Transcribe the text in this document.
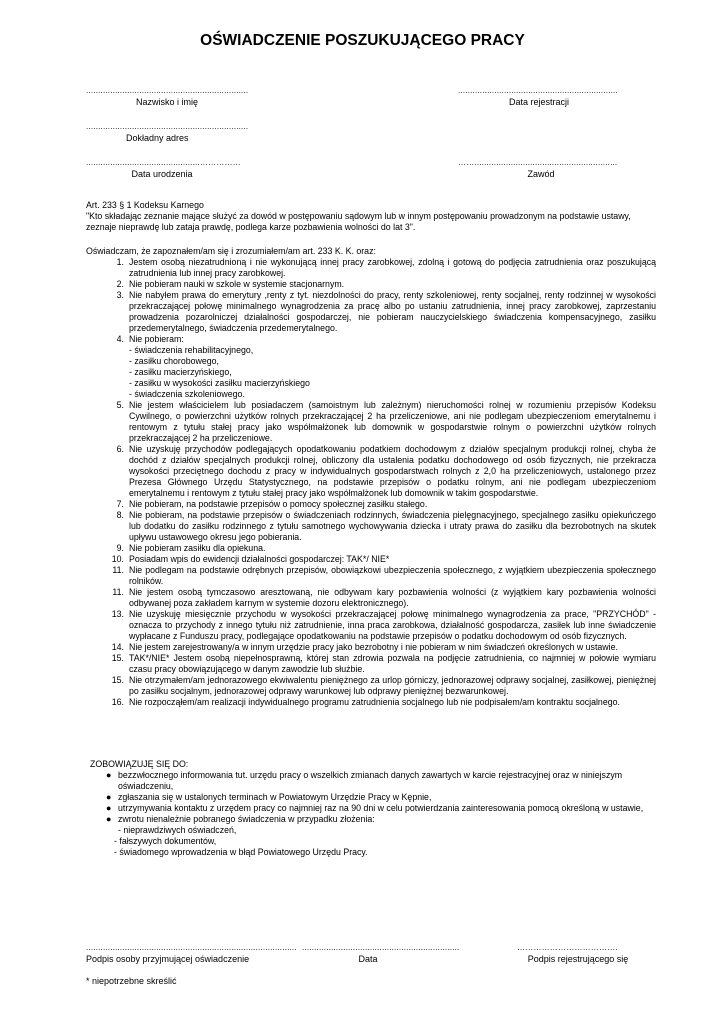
OŚWIADCZENIE POSZUKUJĄCEGO PRACY
...................................................................
Nazwisko i imię
..................................................................
Data rejestracji
...................................................................
Dokładny adres
...............................................……………
Data urodzenia
……...........................................................
Zawód

Art. 233 § 1 Kodeksu Karnego

"Kto składając zeznanie mające służyć za dowód w postępowaniu sądowym lub w innym postępowaniu prowadzonym na podstawie ustawy, zeznaje nieprawdę lub zataja prawdę, podlega karze pozbawienia wolności do lat 3".

Oświadczam, że zapoznałem/am się i zrozumiałem/am art. 233 K. K. oraz:

1. Jestem osobą niezatrudnioną i nie wykonującą innej pracy zarobkowej, zdolną i gotową do podjęcia zatrudnienia oraz poszukującą zatrudnienia lub innej pracy zarobkowej.
2. Nie pobieram nauki w szkole w systemie stacjonarnym.
3. Nie nabyłem prawa do emerytury ,renty z tyt. niezdolności do pracy, renty szkoleniowej, renty socjalnej, renty rodzinnej w wysokości przekraczającej połowę minimalnego wynagrodzenia za pracę albo po ustaniu zatrudnienia, innej pracy zarobkowej, zaprzestaniu prowadzenia pozarolniczej działalności gospodarczej, nie pobieram nauczycielskiego świadczenia kompensacyjnego, zasiłku przedemerytalnego, świadczenia przedemerytalnego.
4. Nie pobieram:
- świadczenia rehabilitacyjnego,
- zasiłku chorobowego,
- zasiłku macierzyńskiego,
- zasiłku w wysokości zasiłku macierzyńskiego
- świadczenia szkoleniowego.
5. Nie jestem właścicielem lub posiadaczem (samoistnym lub zależnym) nieruchomości rolnej w rozumieniu przepisów Kodeksu Cywilnego, o powierzchni użytków rolnych przekraczającej 2 ha przeliczeniowe, ani nie podlegam ubezpieczeniom emerytalnemu i rentowym z tytułu stałej pracy jako współmałżonek lub domownik w gospodarstwie rolnym o powierzchni użytków rolnych przekraczającej 2 ha przeliczeniowe.
6. Nie uzyskuję przychodów podlegających opodatkowaniu podatkiem dochodowym z działów specjalnym produkcji rolnej, chyba że dochód z działów specjalnych produkcji rolnej, obliczony dla ustalenia podatku dochodowego od osób fizycznych, nie przekracza wysokości przeciętnego dochodu z pracy w indywidualnych gospodarstwach rolnych z 2,0 ha przeliczeniowych, ustalonego przez Prezesa Głównego Urzędu Statystycznego, na podstawie przepisów o podatku rolnym, ani nie podlegam ubezpieczeniom emerytalnemu i rentowym z tytułu stałej pracy jako współmałżonek lub domownik w takim gospodarstwie.
7. Nie pobieram, na podstawie przepisów o pomocy społecznej zasiłku stałego.
8. Nie pobieram, na podstawie przepisów o świadczeniach rodzinnych, świadczenia pielęgnacyjnego, specjalnego zasiłku opiekuńczego lub dodatku do zasiłku rodzinnego z tytułu samotnego wychowywania dziecka i utraty prawa do zasiłku dla bezrobotnych na skutek upływu ustawowego okresu jego pobierania.
9. Nie pobieram zasiłku dla opiekuna.
10. Posiadam wpis do ewidencji działalności gospodarczej: TAK*/ NIE*
11. Nie podlegam na podstawie odrębnych przepisów, obowiązkowi ubezpieczenia społecznego, z wyjątkiem ubezpieczenia społecznego rolników.
11. Nie jestem osobą tymczasowo aresztowaną, nie odbywam kary pozbawienia wolności (z wyjątkiem kary pozbawienia wolności odbywanej poza zakładem karnym w systemie dozoru elektronicznego).
13. Nie uzyskuję miesięcznie przychodu w wysokości przekraczającej połowę minimalnego wynagrodzenia za prace, "PRZYCHÓD" - oznacza to przychody z innego tytułu niż zatrudnienie, inna praca zarobkowa, działalność gospodarcza, zasiłek lub inne świadczenie wypłacane z Funduszu pracy, podlegające opodatkowaniu na podstawie przepisów o podatku dochodowym od osób fizycznych.
14. Nie jestem zarejestrowany/a w innym urzędzie pracy jako bezrobotny i nie pobieram w nim świadczeń określonych w ustawie.
15. TAK*/NIE* Jestem osobą niepełnosprawną, której stan zdrowia pozwala na podjęcie zatrudnienia, co najmniej w połowie wymiaru czasu pracy obowiązującego w danym zawodzie lub służbie.
15. Nie otrzymałem/am jednorazowego ekwiwalentu pieniężnego za urlop górniczy, jednorazowej odprawy socjalnej, zasiłkowej, pieniężnej po zasiłku socjalnym, jednorazowej odprawy warunkowej lub odprawy pieniężnej bezwarunkowej.
16. Nie rozpocząłem/am realizacji indywidualnego programu zatrudnienia socjalnego lub nie podpisałem/am kontraktu socjalnego.

ZOBOWIĄZUJĘ SIĘ DO:

● bezzwłocznego informowania tut. urzędu pracy o wszelkich zmianach danych zawartych w karcie rejestracyjnej oraz w niniejszym oświadczeniu,
● zgłaszania się w ustalonych terminach w Powiatowym Urzędzie Pracy w Kępnie,
● utrzymywania kontaktu z urzędem pracy co najmniej raz na 90 dni w celu potwierdzania zainteresowania pomocą określoną w ustawie,
● zwrotu nienależnie pobranego świadczenia w przypadku złożenia:
- nieprawdziwych oświadczeń,
- fałszywych dokumentów,
- świadomego wprowadzenia w błąd Powiatowego Urzędu Pracy.
.......................................................................................
Podpis osoby przyjmującej oświadczenie
.................................................................
Data
……………………………….
Podpis rejestrującego się
* niepotrzebne skreślić
